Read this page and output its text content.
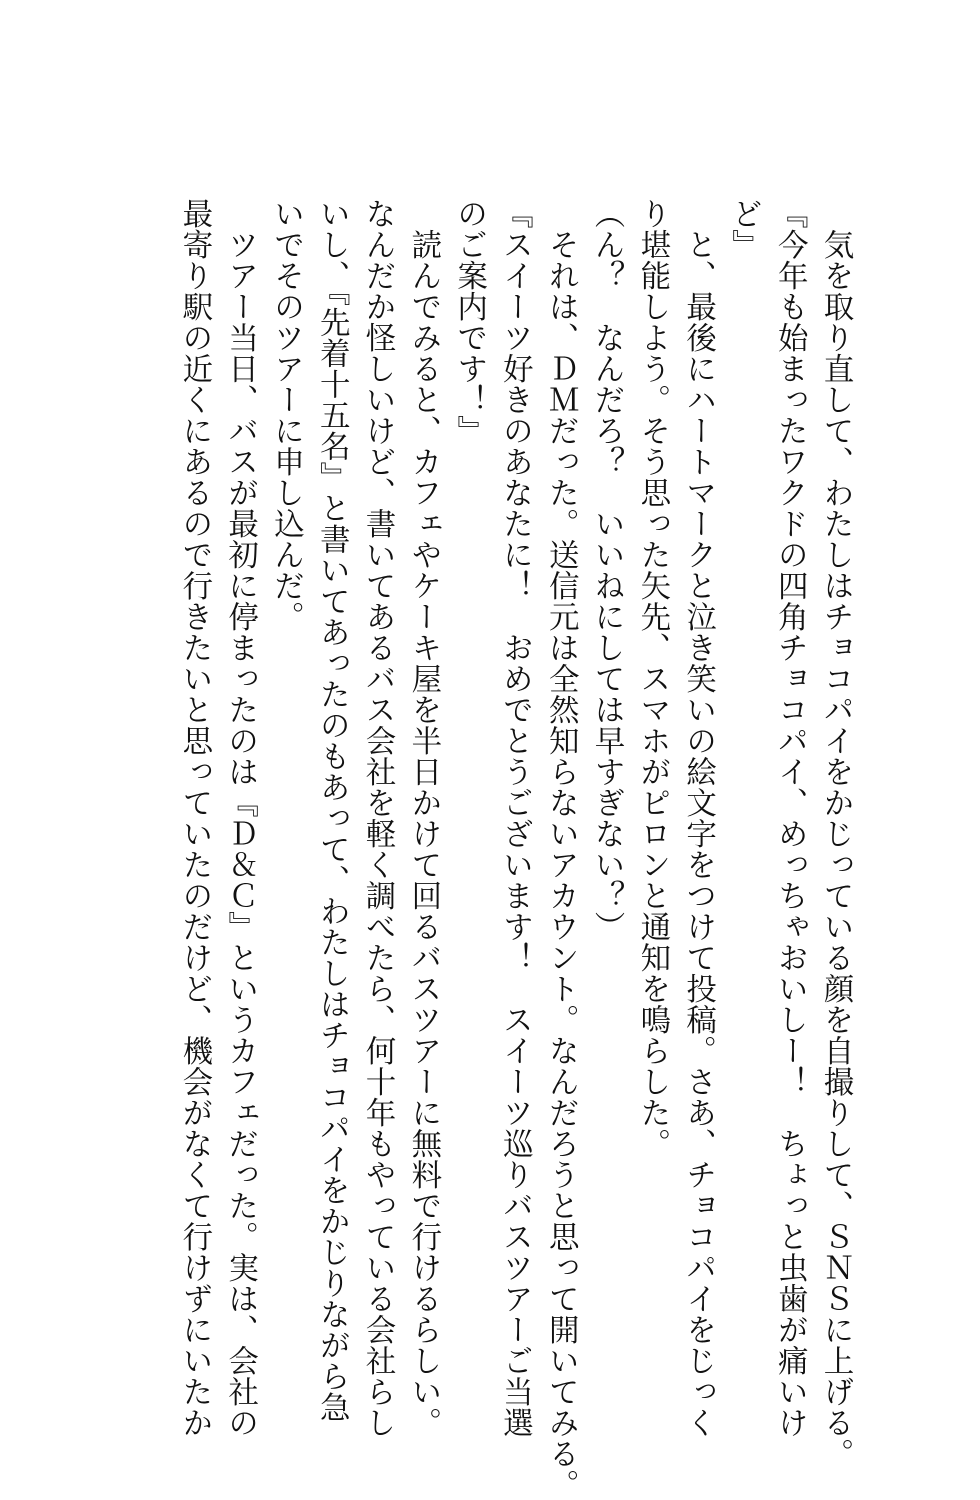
　気を取り直して、わたしはチョコパイをかじっている顔を自撮りして、ＳＮＳに上げる。
『今年も始まったワクドの四角チョコパイ、めっちゃおいしー！　ちょっと虫歯が痛いけ
ど』
　と、最後にハートマークと泣き笑いの絵文字をつけて投稿。さあ、チョコパイをじっく
り堪能しよう。そう思った矢先、スマホがピロンと通知を鳴らした。
（ん？　なんだろ？　いいねにしては早すぎない？）
　それは、ＤＭだった。送信元は全然知らないアカウント。なんだろうと思って開いてみる。
『スイーツ好きのあなたに！　おめでとうございます！　スイーツ巡りバスツアーご当選
のご案内です！』
　読んでみると、カフェやケーキ屋を半日かけて回るバスツアーに無料で行けるらしい。
なんだか怪しいけど、書いてあるバス会社を軽く調べたら、何十年もやっている会社らし
いし、『先着十五名』と書いてあったのもあって、わたしはチョコパイをかじりながら急
いでそのツアーに申し込んだ。
　ツアー当日、バスが最初に停まったのは『Ｄ＆Ｃ』というカフェだった。実は、会社の
最寄り駅の近くにあるので行きたいと思っていたのだけど、機会がなくて行けずにいたか
